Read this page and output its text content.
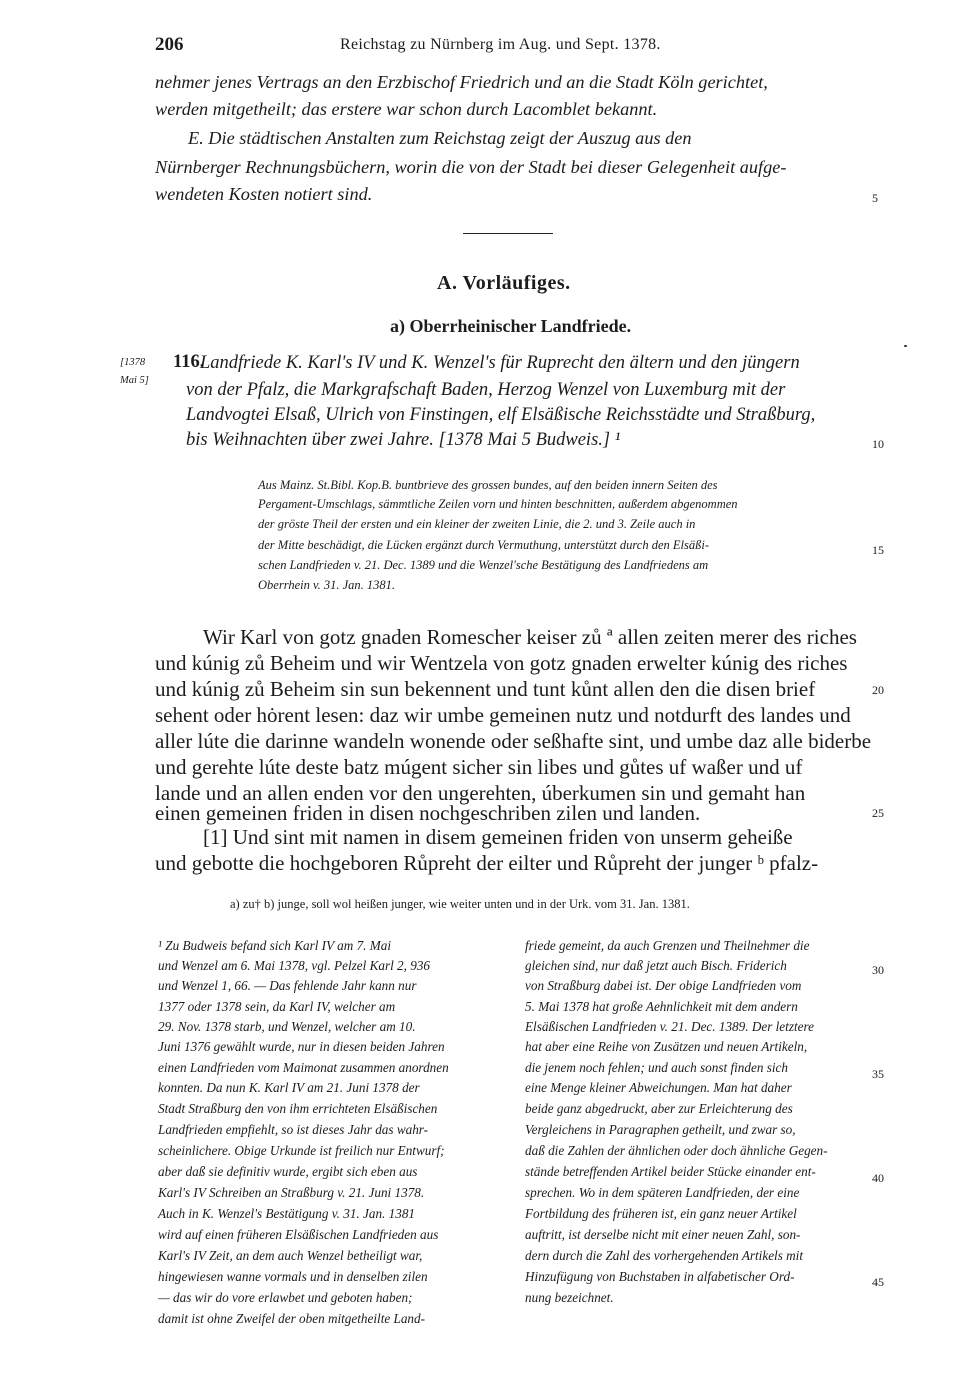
206	Reichstag zu Nürnberg im Aug. und Sept. 1378.
nehmer jenes Vertrags an den Erzbischof Friedrich und an die Stadt Köln gerichtet,
werden mitgetheilt; das erstere war schon durch Lacomblet bekannt.
E. Die städtischen Anstalten zum Reichstag zeigt der Auszug aus den
Nürnberger Rechnungsbüchern, worin die von der Stadt bei dieser Gelegenheit aufge-
wendeten Kosten notiert sind.	5
10
15
20
25
30
35
40
45
A. Vorläufiges.
a) Oberrheinischer Landfriede.
[1378
Mai 5]
116.
Landfriede K. Karl's IV und K. Wenzel's für Ruprecht den ältern und den jüngern
von der Pfalz, die Markgrafschaft Baden, Herzog Wenzel von Luxemburg mit der
Landvogtei Elsaß, Ulrich von Finstingen, elf Elsäßische Reichsstädte und Straßburg,
bis Weihnachten über zwei Jahre. [1378 Mai 5 Budweis.] ¹
Aus Mainz. St.Bibl. Kop.B. buntbrieve des grossen bundes, auf den beiden innern Seiten des
Pergament-Umschlags, sämmtliche Zeilen vorn und hinten beschnitten, außerdem abgenommen
der gröste Theil der ersten und ein kleiner der zweiten Linie, die 2. und 3. Zeile auch in
der Mitte beschädigt, die Lücken ergänzt durch Vermuthung, unterstützt durch den Elsäßi-
schen Landfrieden v. 21. Dec. 1389 und die Wenzel'sche Bestätigung des Landfriedens am
Oberrhein v. 31. Jan. 1381.
Wir Karl von gotz gnaden Romescher keiser zů ª allen zeiten merer des riches
und kúnig zů Beheim und wir Wentzela von gotz gnaden erwelter kúnig des riches
und kúnig zů Beheim sin sun bekennent und tunt kůnt allen den die disen brief
sehent oder hȯrent lesen: daz wir umbe gemeinen nutz und notdurft des landes und
aller lúte die darinne wandeln wonende oder seßhafte sint, und umbe daz alle biderbe
und gerehte lúte deste batz múgent sicher sin libes und gůtes uf waßer und uf
lande und an allen enden vor den ungerehten, úberkumen sin und gemaht han
einen gemeinen friden in disen nochgeschriben zilen und landen.
[1] Und sint mit namen in disem gemeinen friden von unserm geheiße
und gebotte die hochgeboren Růpreht der eilter und Růpreht der junger ᵇ pfalz-
a) zu† b) junge, soll wol heißen junger, wie weiter unten und in der Urk. vom 31. Jan. 1381.
¹ Zu Budweis befand sich Karl IV am 7. Mai
und Wenzel am 6. Mai 1378, vgl. Pelzel Karl 2, 936
und Wenzel 1, 66. — Das fehlende Jahr kann nur
1377 oder 1378 sein, da Karl IV, welcher am
29. Nov. 1378 starb, und Wenzel, welcher am 10.
Juni 1376 gewählt wurde, nur in diesen beiden Jahren
einen Landfrieden vom Maimonat zusammen anordnen
konnten. Da nun K. Karl IV am 21. Juni 1378 der
Stadt Straßburg den von ihm errichteten Elsäßischen
Landfrieden empfiehlt, so ist dieses Jahr das wahr-
scheinlichere. Obige Urkunde ist freilich nur Entwurf;
aber daß sie definitiv wurde, ergibt sich eben aus
Karl's IV Schreiben an Straßburg v. 21. Juni 1378.
Auch in K. Wenzel's Bestätigung v. 31. Jan. 1381
wird auf einen früheren Elsäßischen Landfrieden aus
Karl's IV Zeit, an dem auch Wenzel betheiligt war,
hingewiesen wanne vormals und in denselben zilen
— das wir do vore erlawbet und geboten haben;
damit ist ohne Zweifel der oben mitgetheilte Land-
friede gemeint, da auch Grenzen und Theilnehmer die
gleichen sind, nur daß jetzt auch Bisch. Friderich
von Straßburg dabei ist. Der obige Landfrieden vom
5. Mai 1378 hat große Aehnlichkeit mit dem andern
Elsäßischen Landfrieden v. 21. Dec. 1389. Der letztere
hat aber eine Reihe von Zusätzen und neuen Artikeln,
die jenem noch fehlen; und auch sonst finden sich
eine Menge kleiner Abweichungen. Man hat daher
beide ganz abgedruckt, aber zur Erleichterung des
Vergleichens in Paragraphen getheilt, und zwar so,
daß die Zahlen der ähnlichen oder doch ähnliche Gegen-
stände betreffenden Artikel beider Stücke einander ent-
sprechen. Wo in dem späteren Landfrieden, der eine
Fortbildung des früheren ist, ein ganz neuer Artikel
auftritt, ist derselbe nicht mit einer neuen Zahl, son-
dern durch die Zahl des vorhergehenden Artikels mit
Hinzufügung von Buchstaben in alfabetischer Ord-
nung bezeichnet.
